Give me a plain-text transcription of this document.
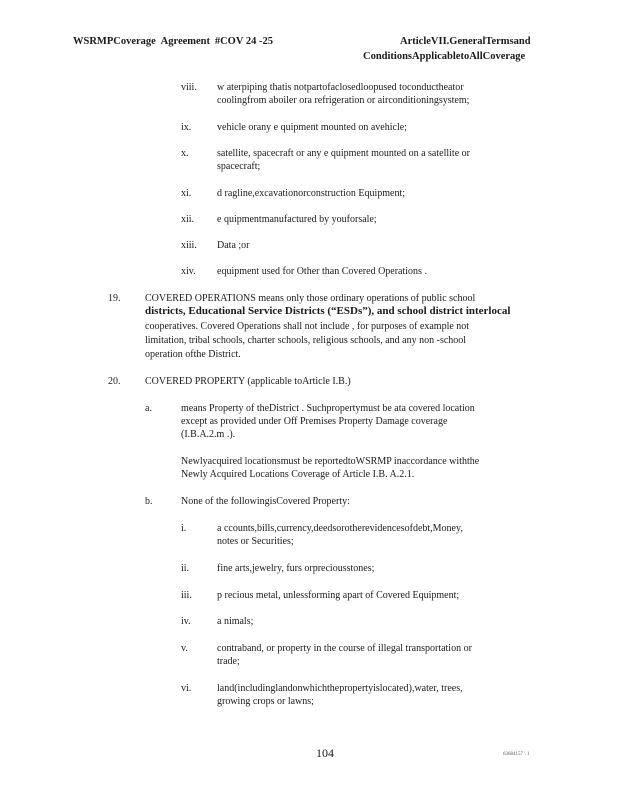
WSRMPCoverage Agreement #COV 24 -25	ArticleVII.GeneralTermsand
Conditions Applicable toAllCoverage
viii. w aterpiping thatis notpartofaclosedloopused toconductheator
coolingfrom aboiler ora refrigeration or airconditioningsystem;
ix.	vehicle orany e quipment mounted on avehicle;
x.	satellite, spacecraft or any e quipment mounted on a satellite or
spacecraft;
xi.	d ragline,excavationorconstruction Equipment;
xii. e quipmentmanufactured by youforsale;
xiii. Data ;or
xiv. equipment used for Other than Covered Operations .
19. COVERED OPERATIONS means only those ordinary operations of public school
districts, Educational Service Districts (“ESDs”), and school district interlocal
cooperatives. Covered Operations shall not include , for purposes of example not
limitation, tribal schools, charter schools, religious schools, and any non -school
operation ofthe District.
20. COVERED PROPERTY (applicable toArticle I.B.)
a.	means Property of theDistrict . Suchpropertymust be ata covered location
except as provided under Off Premises Property Damage coverage
(I.B.A.2.m .).
Newlyacquired locationsmust be reportedtoWSRMP inaccordance withthe
Newly Acquired Locations Coverage of Article I.B. A.2.1.
b.	None of the followingisCovered Property:
i.	a ccounts,bills,currency,deedsorotherevidencesofdebt,Money,
notes or Securities;
ii.	fine arts,jewelry, furs orpreciousstones;
iii.	p recious metal, unlessforming apart of Covered Equipment;
iv.	a nimals;
v.	contraband, or property in the course of illegal transportation or
trade;
vi.	land(includinglandonwhichthepropertyislocated),water, trees,
growing crops or lawns;
104	63684157 \ 1
